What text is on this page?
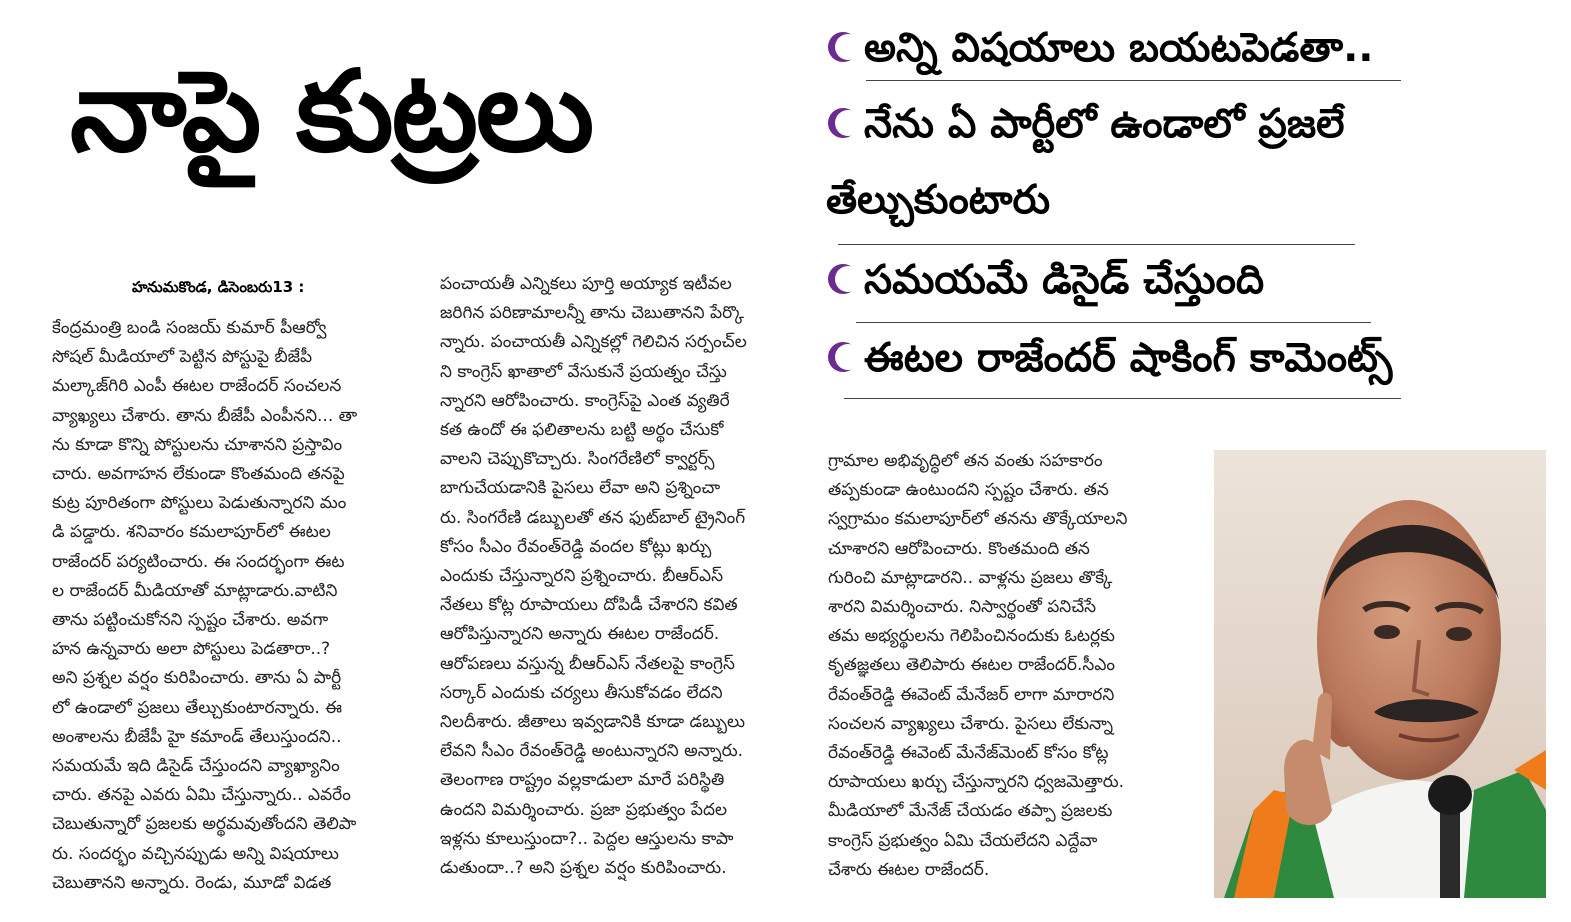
నాపై కుట్రలు	అన్ని విషయాలు బయటపెడతా..
నేను ఏ పార్టీలో ఉండాలో ప్రజలే
తేల్చుకుంటారు
సమయమే డిసైడ్ చేస్తుంది
ఈటల రాజేందర్ షాకింగ్ కామెంట్స్
హనుమకొండ, డిసెంబరు13 :
కేంద్రమంత్రి బండి సంజయ్ కుమార్ పీఆర్వో
సోషల్ మీడియాలో పెట్టిన పోస్టుపై బీజేపీ
మల్కాజ్‌గిరి ఎంపీ ఈటల రాజేందర్ సంచలన
వ్యాఖ్యలు చేశారు. తాను బీజేపీ ఎంపీనని... తా
ను కూడా కొన్ని పోస్టులను చూశానని ప్రస్తావిం
చారు. అవగాహన లేకుండా కొంతమంది తనపై
కుట్ర పూరితంగా పోస్టులు పెడుతున్నారని మం
డి పడ్డారు. శనివారం కమలాపూర్‌లో ఈటల
రాజేందర్ పర్యటించారు. ఈ సందర్భంగా ఈట
ల రాజేందర్ మీడియాతో మాట్లాడారు.వాటిని
తాను పట్టించుకోనని స్పష్టం చేశారు. అవగా
హన ఉన్నవారు అలా పోస్టులు పెడతారా..?
అని ప్రశ్నల వర్షం కురిపించారు. తాను ఏ పార్టీ
లో ఉండాలో ప్రజలు తేల్చుకుంటారన్నారు. ఈ
అంశాలను బీజేపీ హై కమాండ్ తేలుస్తుందని..
సమయమే ఇది డిసైడ్ చేస్తుందని వ్యాఖ్యానిం
చారు. తనపై ఎవరు ఏమి చేస్తున్నారు.. ఎవరేం
చెబుతున్నారో ప్రజలకు అర్థమవుతోందని తెలిపా
రు. సందర్భం వచ్చినప్పుడు అన్ని విషయాలు
చెబుతానని అన్నారు. రెండు, మూడో విడత
పంచాయతీ ఎన్నికలు పూర్తి అయ్యాక ఇటీవల
జరిగిన పరిణామాలన్నీ తాను చెబుతానని పేర్కొ
న్నారు. పంచాయతీ ఎన్నికల్లో గెలిచిన సర్పంచ్‌ల
ని కాంగ్రెస్ ఖాతాలో వేసుకునే ప్రయత్నం చేస్తు
న్నారని ఆరోపించారు. కాంగ్రెస్‌పై ఎంత వ్యతిరే
కత ఉందో ఈ ఫలితాలను బట్టి అర్థం చేసుకో
వాలని చెప్పుకొచ్చారు. సింగరేణిలో క్వార్టర్స్
బాగుచేయడానికి పైసలు లేవా అని ప్రశ్నించా
రు. సింగరేణి డబ్బులతో తన ఫుట్‌బాల్ ట్రైనింగ్
కోసం సీఎం రేవంత్‌రెడ్డి వందల కోట్లు ఖర్చు
ఎందుకు చేస్తున్నారని ప్రశ్నించారు. బీఆర్ఎస్
నేతలు కోట్ల రూపాయలు దోపిడీ చేశారని కవిత
ఆరోపిస్తున్నారని అన్నారు ఈటల రాజేందర్.
ఆరోపణలు వస్తున్న బీఆర్ఎస్ నేతలపై కాంగ్రెస్
సర్కార్ ఎందుకు చర్యలు తీసుకోవడం లేదని
నిలదీశారు. జీతాలు ఇవ్వడానికి కూడా డబ్బులు
లేవని సీఎం రేవంత్‌రెడ్డి అంటున్నారని అన్నారు.
తెలంగాణ రాష్ట్రం వల్లకాడులా మారే పరిస్థితి
ఉందని విమర్శించారు. ప్రజా ప్రభుత్వం పేదల
ఇళ్లను కూలుస్తుందా?.. పెద్దల ఆస్తులను కాపా
డుతుందా..? అని ప్రశ్నల వర్షం కురిపించారు.
గ్రామాల అభివృద్ధిలో తన వంతు సహకారం
తప్పకుండా ఉంటుందని స్పష్టం చేశారు. తన
స్వగ్రామం కమలాపూర్‌లో తనను తొక్కేయాలని
చూశారని ఆరోపించారు. కొంతమంది తన
గురించి మాట్లాడారని.. వాళ్లను ప్రజలు తొక్కే
శారని విమర్శించారు. నిస్వార్థంతో పనిచేసే
తమ అభ్యర్థులను గెలిపించినందుకు ఓటర్లకు
కృతజ్ఞతలు తెలిపారు ఈటల రాజేందర్.సీఎం
రేవంత్‌రెడ్డి ఈవెంట్ మేనేజర్ లాగా మారారని
సంచలన వ్యాఖ్యలు చేశారు. పైసలు లేకున్నా
రేవంత్‌రెడ్డి ఈవెంట్ మేనేజ్‌మెంట్ కోసం కోట్ల
రూపాయలు ఖర్చు చేస్తున్నారని ధ్వజమెత్తారు.
మీడియాలో మేనేజ్ చేయడం తప్పా ప్రజలకు
కాంగ్రెస్ ప్రభుత్వం ఏమి చేయలేదని ఎద్దేవా
చేశారు ఈటల రాజేందర్.
